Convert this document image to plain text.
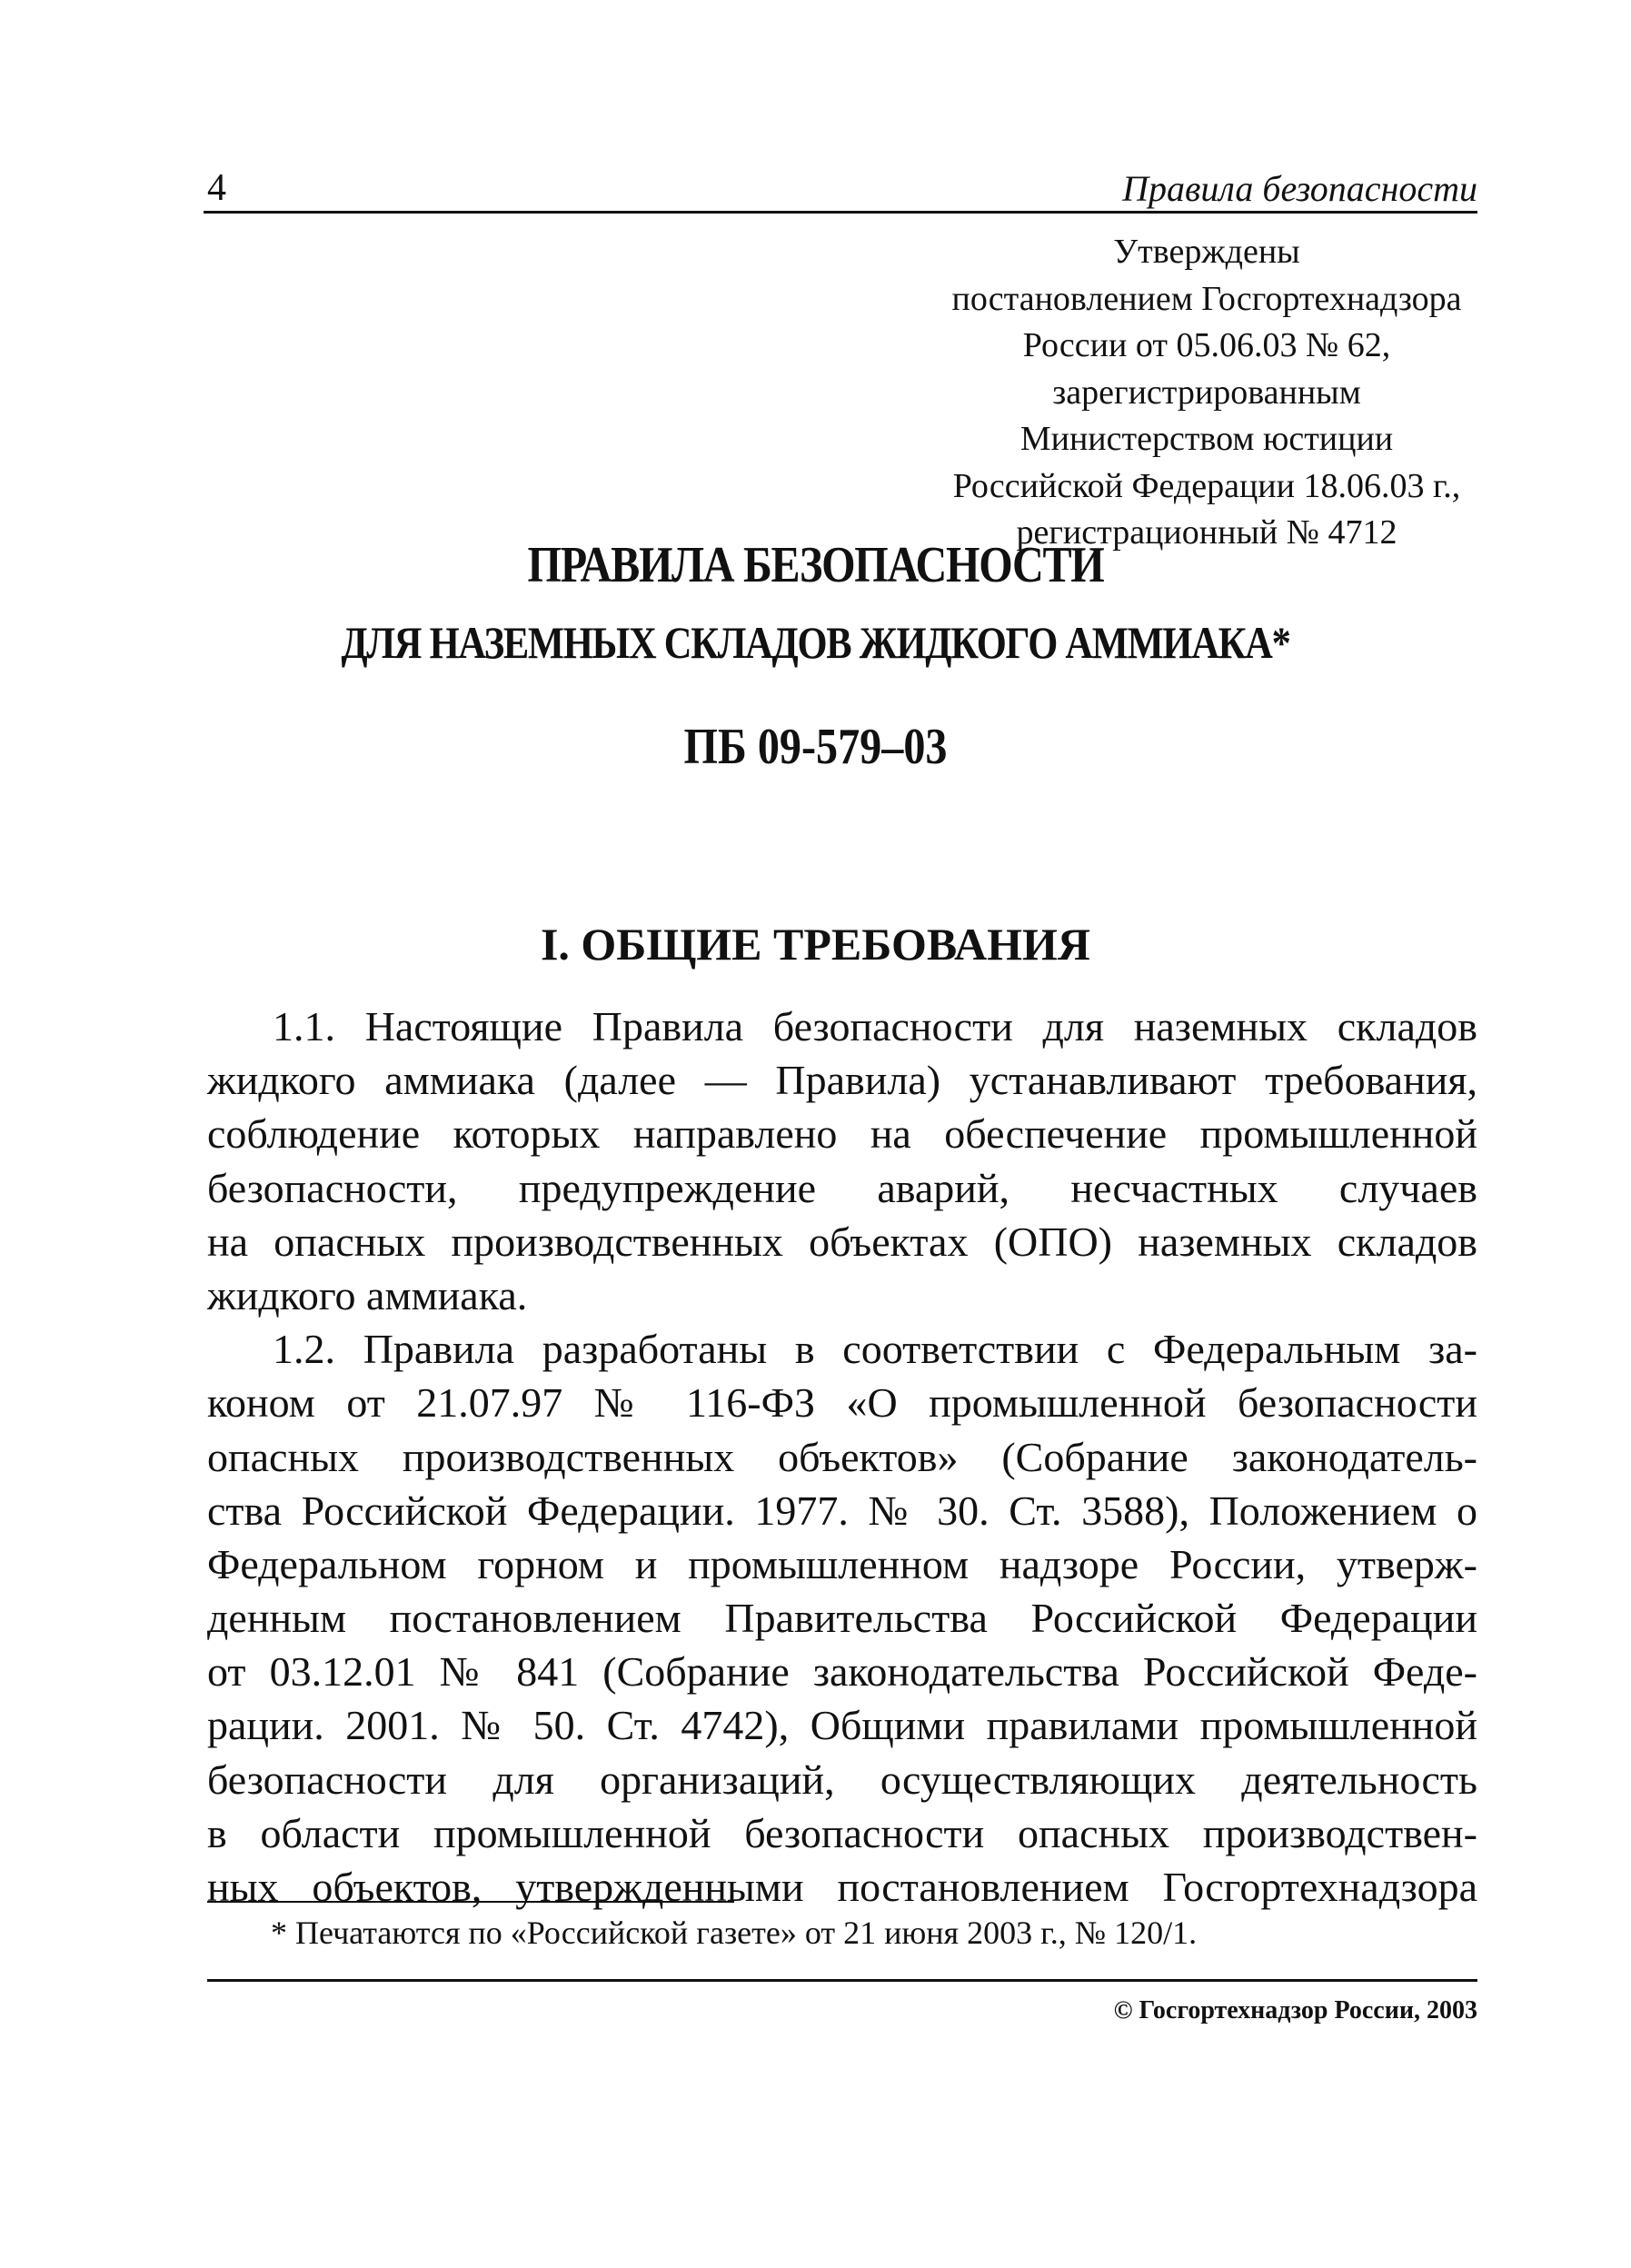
4	Правила безопасности
Утверждены
постановлением Госгортехнадзора
России от 05.06.03 № 62,
зарегистрированным
Министерством юстиции
Российской Федерации 18.06.03 г.,
регистрационный № 4712
ПРАВИЛА БЕЗОПАСНОСТИ
ДЛЯ НАЗЕМНЫХ СКЛАДОВ ЖИДКОГО АММИАКА*
ПБ 09-579–03
I. ОБЩИЕ ТРЕБОВАНИЯ
1.1. Настоящие Правила безопасности для наземных складов
жидкого аммиака (далее — Правила) устанавливают требования,
соблюдение которых направлено на обеспечение промышленной
безопасности, предупреждение аварий, несчастных случаев
на опасных производственных объектах (ОПО) наземных складов
жидкого аммиака.
1.2. Правила разработаны в соответствии с Федеральным за-
коном от 21.07.97 № 116-ФЗ «О промышленной безопасности
опасных производственных объектов» (Собрание законодатель-
ства Российской Федерации. 1977. № 30. Ст. 3588), Положением о
Федеральном горном и промышленном надзоре России, утверж-
денным постановлением Правительства Российской Федерации
от 03.12.01 № 841 (Собрание законодательства Российской Феде-
рации. 2001. № 50. Ст. 4742), Общими правилами промышленной
безопасности для организаций, осуществляющих деятельность
в области промышленной безопасности опасных производствен-
ных объектов, утвержденными постановлением Госгортехнадзора
* Печатаются по «Российской газете» от 21 июня 2003 г., № 120/1.
© Госгортехнадзор России, 2003
